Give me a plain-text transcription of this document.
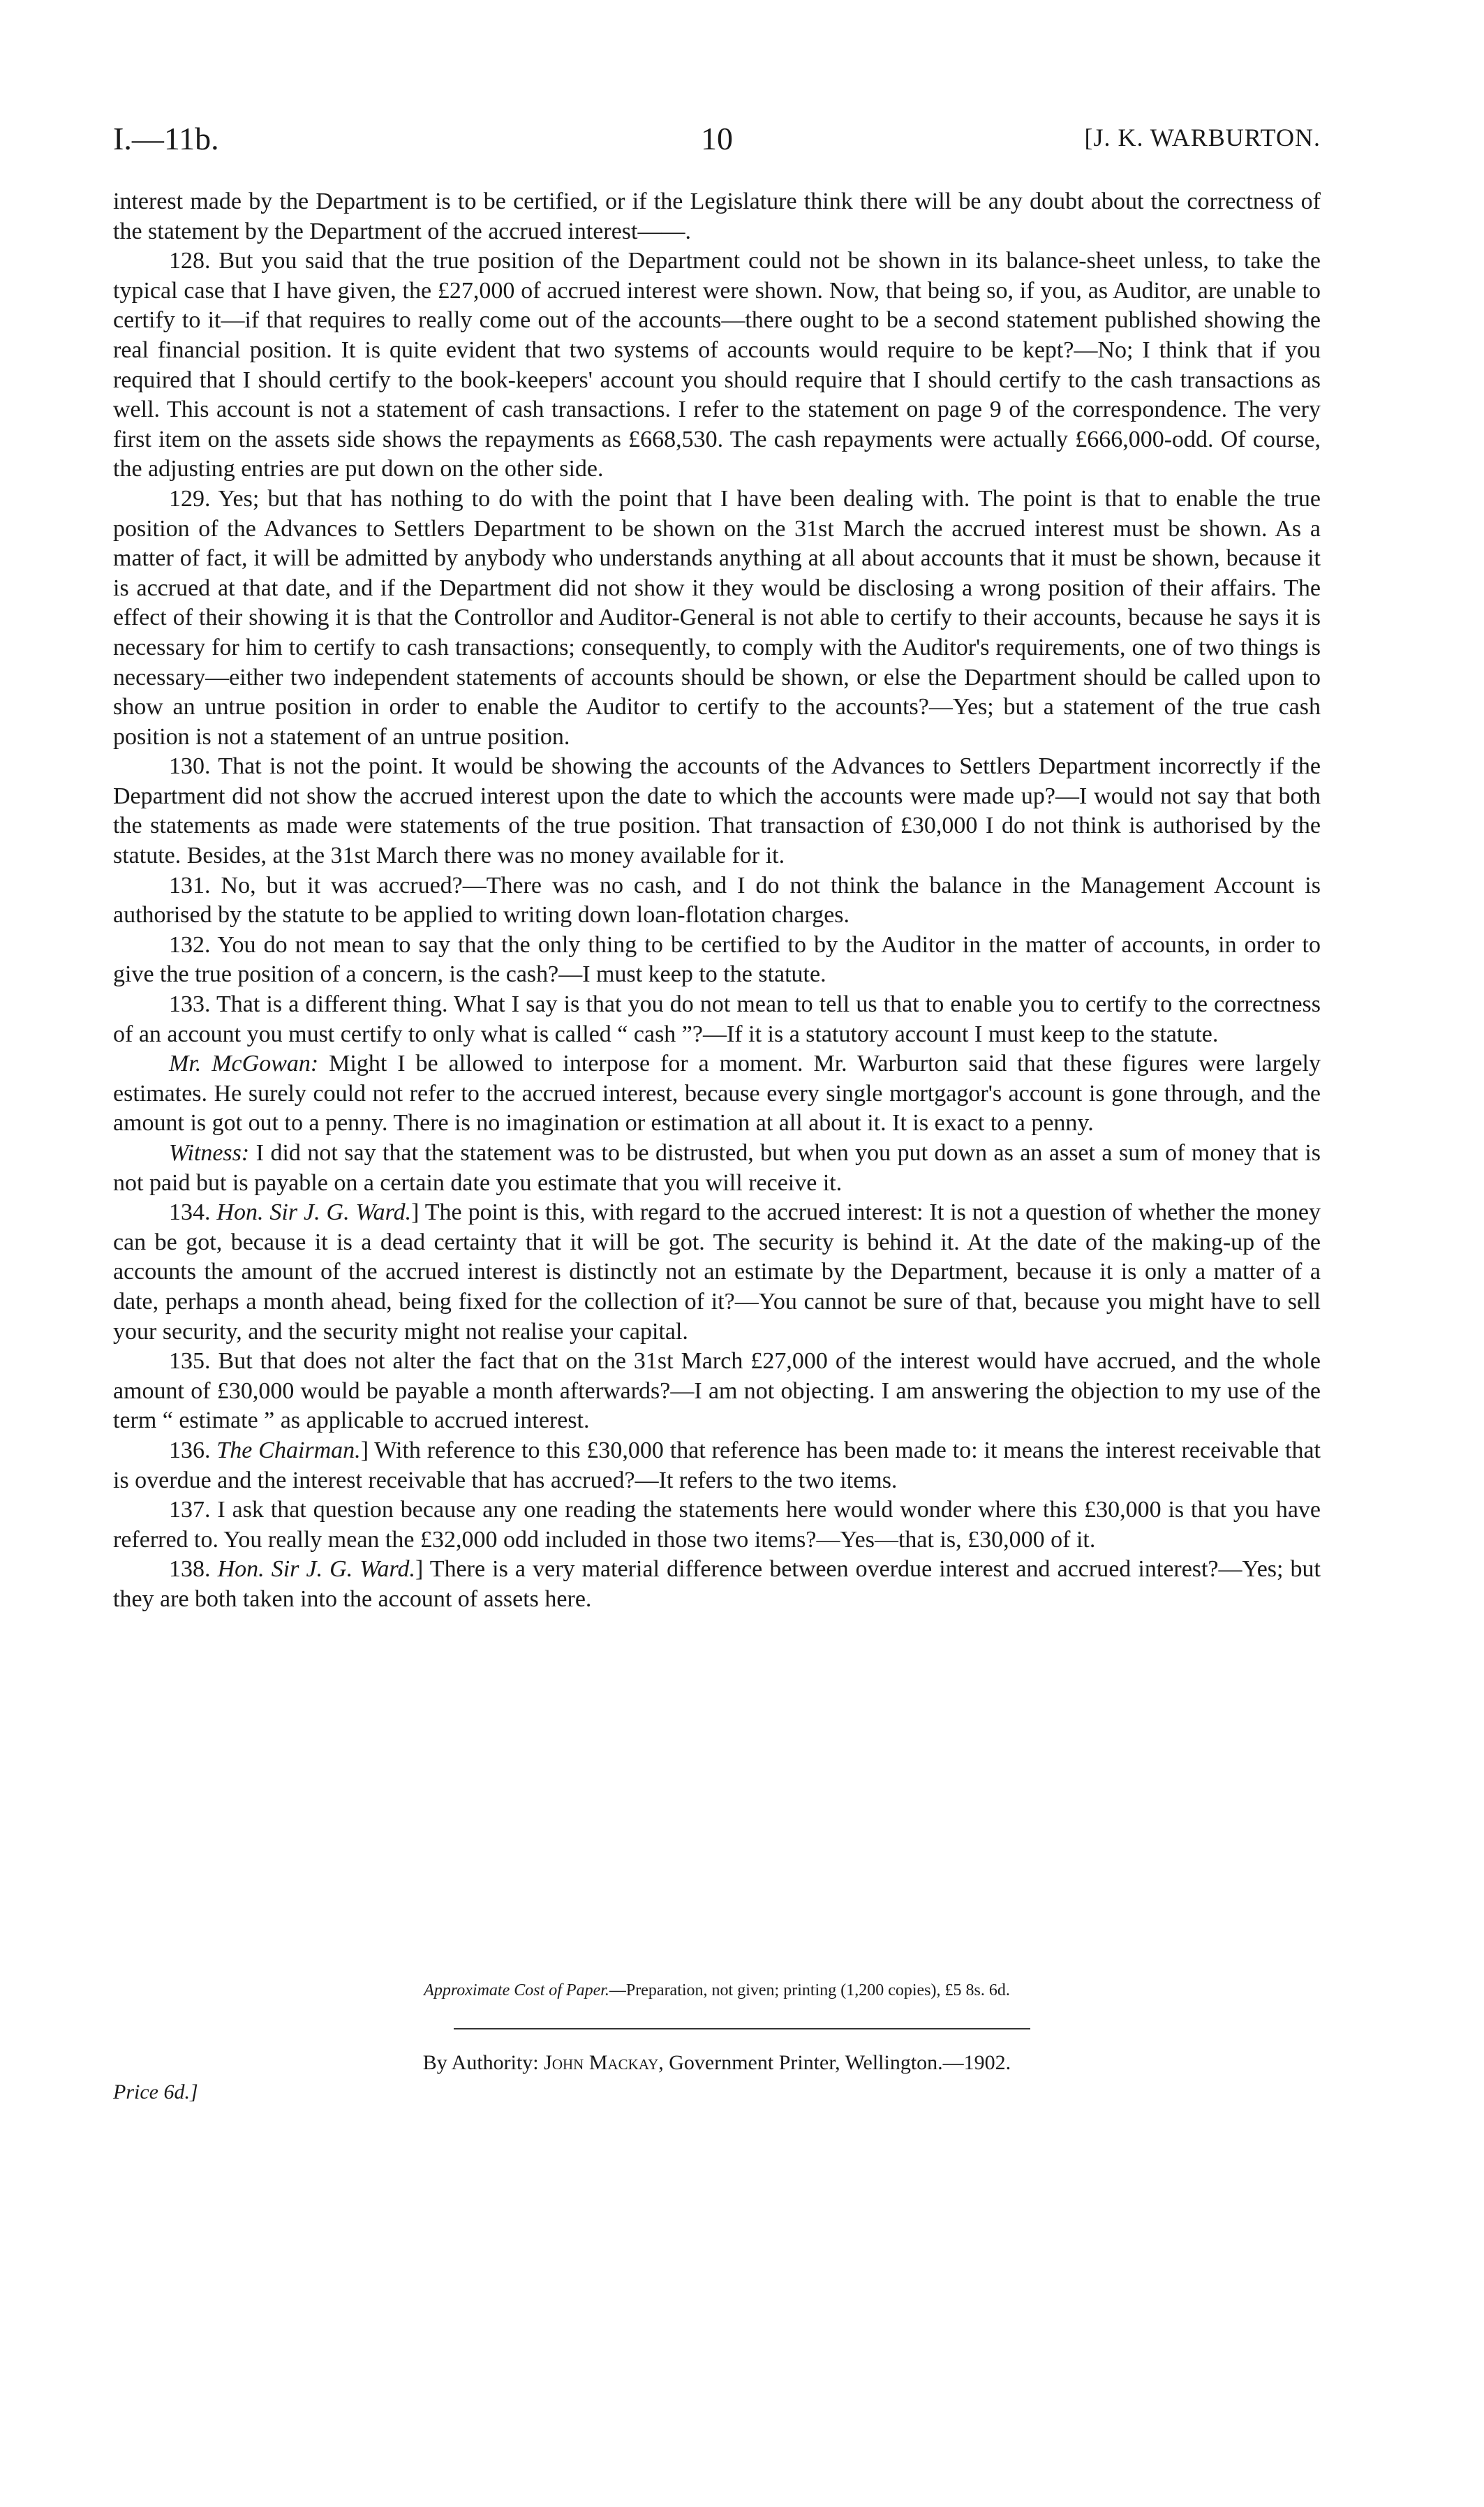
I.—11b.	10	[J. K. WARBURTON.

interest made by the Department is to be certified, or if the Legislature think there will be any doubt about the correctness of the statement by the Department of the accrued interest——.

128. But you said that the true position of the Department could not be shown in its balance-sheet unless, to take the typical case that I have given, the £27,000 of accrued interest were shown. Now, that being so, if you, as Auditor, are unable to certify to it—if that requires to really come out of the accounts—there ought to be a second statement published showing the real financial position. It is quite evident that two systems of accounts would require to be kept?—No; I think that if you required that I should certify to the book-keepers' account you should require that I should certify to the cash transactions as well. This account is not a statement of cash transactions. I refer to the statement on page 9 of the correspondence. The very first item on the assets side shows the repayments as £668,530. The cash repayments were actually £666,000-odd. Of course, the adjusting entries are put down on the other side.

129. Yes; but that has nothing to do with the point that I have been dealing with. The point is that to enable the true position of the Advances to Settlers Department to be shown on the 31st March the accrued interest must be shown. As a matter of fact, it will be admitted by anybody who understands anything at all about accounts that it must be shown, because it is accrued at that date, and if the Department did not show it they would be disclosing a wrong position of their affairs. The effect of their showing it is that the Controllor and Auditor-General is not able to certify to their accounts, because he says it is necessary for him to certify to cash transactions; consequently, to comply with the Auditor's requirements, one of two things is necessary—either two independent statements of accounts should be shown, or else the Department should be called upon to show an untrue position in order to enable the Auditor to certify to the accounts?—Yes; but a statement of the true cash position is not a statement of an untrue position.

130. That is not the point. It would be showing the accounts of the Advances to Settlers Department incorrectly if the Department did not show the accrued interest upon the date to which the accounts were made up?—I would not say that both the statements as made were statements of the true position. That transaction of £30,000 I do not think is authorised by the statute. Besides, at the 31st March there was no money available for it.

131. No, but it was accrued?—There was no cash, and I do not think the balance in the Management Account is authorised by the statute to be applied to writing down loan-flotation charges.

132. You do not mean to say that the only thing to be certified to by the Auditor in the matter of accounts, in order to give the true position of a concern, is the cash?—I must keep to the statute.

133. That is a different thing. What I say is that you do not mean to tell us that to enable you to certify to the correctness of an account you must certify to only what is called “ cash ”?—If it is a statutory account I must keep to the statute.

Mr. McGowan: Might I be allowed to interpose for a moment. Mr. Warburton said that these figures were largely estimates. He surely could not refer to the accrued interest, because every single mortgagor's account is gone through, and the amount is got out to a penny. There is no imagination or estimation at all about it. It is exact to a penny.

Witness: I did not say that the statement was to be distrusted, but when you put down as an asset a sum of money that is not paid but is payable on a certain date you estimate that you will receive it.

134. Hon. Sir J. G. Ward.] The point is this, with regard to the accrued interest: It is not a question of whether the money can be got, because it is a dead certainty that it will be got. The security is behind it. At the date of the making-up of the accounts the amount of the accrued interest is distinctly not an estimate by the Department, because it is only a matter of a date, perhaps a month ahead, being fixed for the collection of it?—You cannot be sure of that, because you might have to sell your security, and the security might not realise your capital.

135. But that does not alter the fact that on the 31st March £27,000 of the interest would have accrued, and the whole amount of £30,000 would be payable a month afterwards?—I am not objecting. I am answering the objection to my use of the term “ estimate ” as applicable to accrued interest.

136. The Chairman.] With reference to this £30,000 that reference has been made to: it means the interest receivable that is overdue and the interest receivable that has accrued?—It refers to the two items.

137. I ask that question because any one reading the statements here would wonder where this £30,000 is that you have referred to. You really mean the £32,000 odd included in those two items?—Yes—that is, £30,000 of it.

138. Hon. Sir J. G. Ward.] There is a very material difference between overdue interest and accrued interest?—Yes; but they are both taken into the account of assets here.

Approximate Cost of Paper.—Preparation, not given; printing (1,200 copies), £5 8s. 6d.
By Authority: John Mackay, Government Printer, Wellington.—1902.
Price 6d.]
